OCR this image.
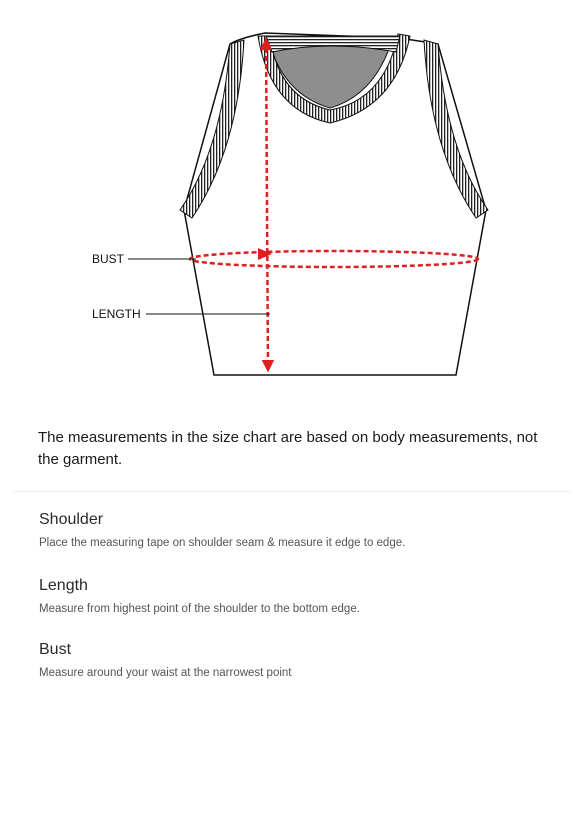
BUST
LENGTH

The measurements in the size chart are based on body measurements, not the garment.

Shoulder

Place the measuring tape on shoulder seam & measure it edge to edge.

Length

Measure from highest point of the shoulder to the bottom edge.

Bust

Measure around your waist at the narrowest point
